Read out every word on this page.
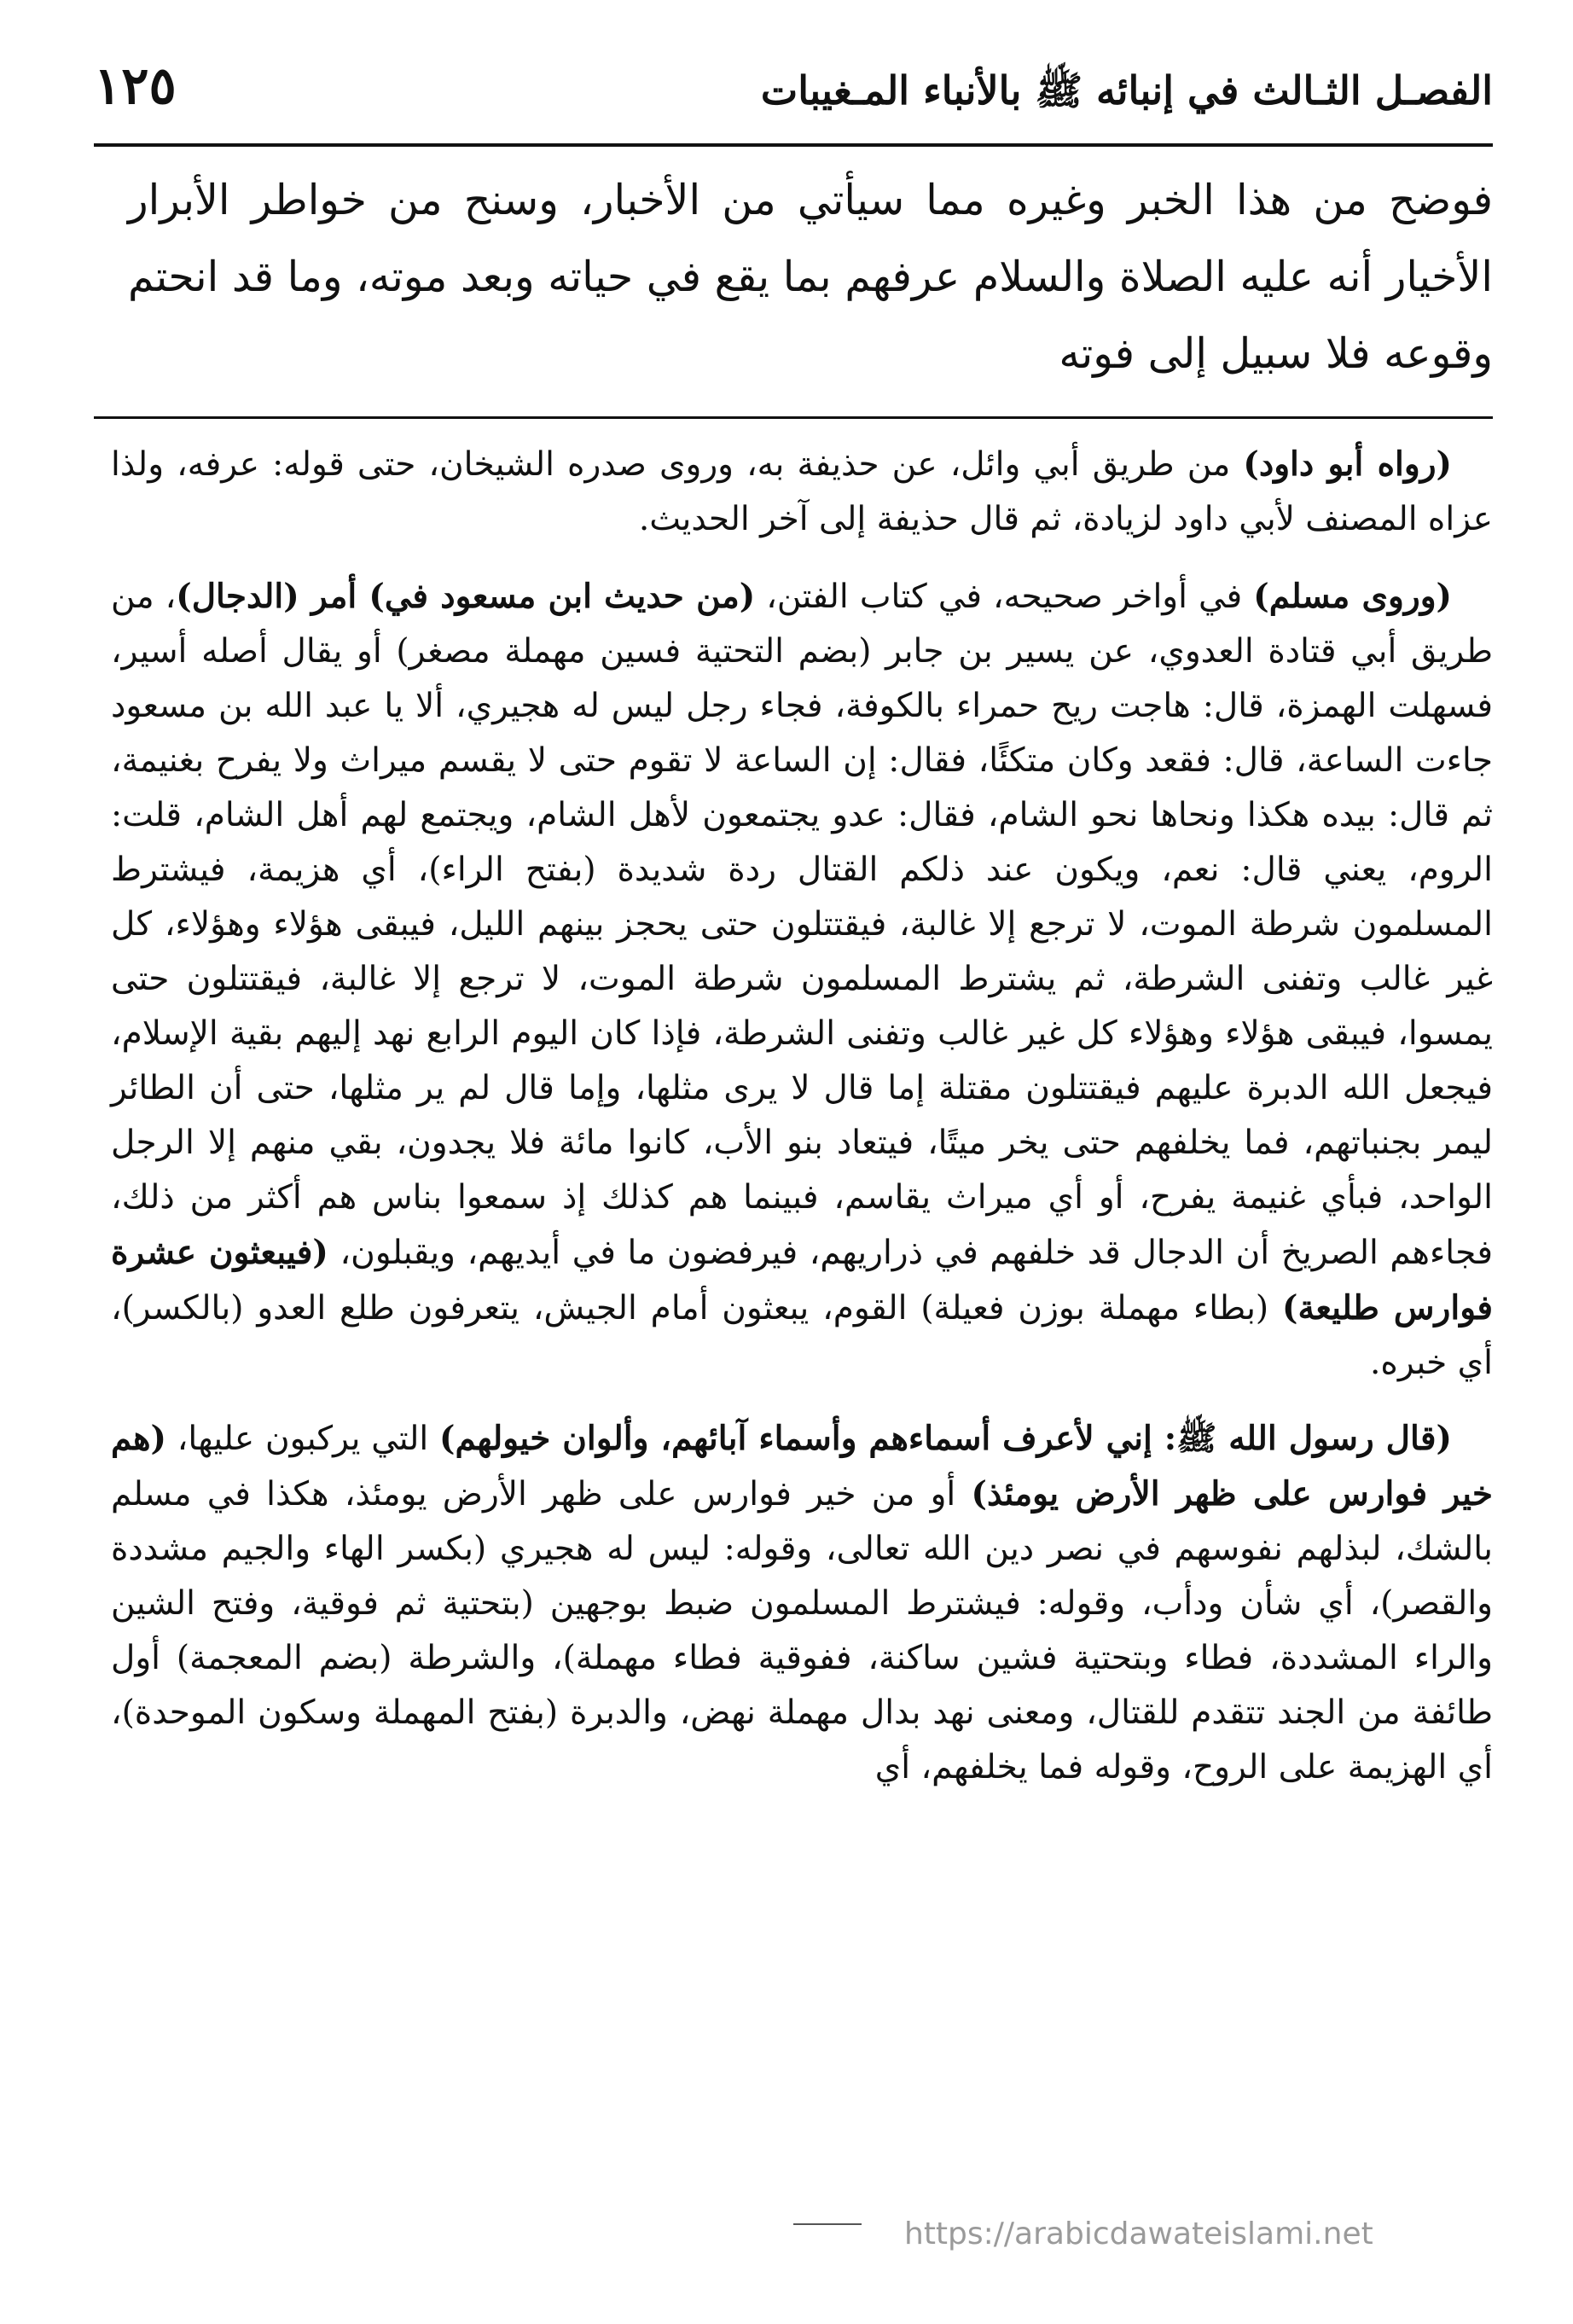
الفصـل الثـالث في إنبائه ﷺ بالأنباء المـغيبات
١٢٥

فوضح من هذا الخبر وغيره مما سيأتي من الأخبار، وسنح من خواطر الأبرار الأخيار أنه عليه الصلاة والسلام عرفهم بما يقع في حياته وبعد موته، وما قد انحتم وقوعه فلا سبيل إلى فوته

(رواه أبو داود) من طريق أبي وائل، عن حذيفة به، وروى صدره الشيخان، حتى قوله: عرفه، ولذا عزاه المصنف لأبي داود لزيادة، ثم قال حذيفة إلى آخر الحديث.

(وروى مسلم) في أواخر صحيحه، في كتاب الفتن، (من حديث ابن مسعود في) أمر (الدجال)، من طريق أبي قتادة العدوي، عن يسير بن جابر (بضم التحتية فسين مهملة مصغر) أو يقال أصله أسير، فسهلت الهمزة، قال: هاجت ريح حمراء بالكوفة، فجاء رجل ليس له هجيري، ألا يا عبد الله بن مسعود جاءت الساعة، قال: فقعد وكان متكئًا، فقال: إن الساعة لا تقوم حتى لا يقسم ميراث ولا يفرح بغنيمة، ثم قال: بيده هكذا ونحاها نحو الشام، فقال: عدو يجتمعون لأهل الشام، ويجتمع لهم أهل الشام، قلت: الروم، يعني قال: نعم، ويكون عند ذلكم القتال ردة شديدة (بفتح الراء)، أي هزيمة، فيشترط المسلمون شرطة الموت، لا ترجع إلا غالبة، فيقتتلون حتى يحجز بينهم الليل، فيبقى هؤلاء وهؤلاء، كل غير غالب وتفنى الشرطة، ثم يشترط المسلمون شرطة الموت، لا ترجع إلا غالبة، فيقتتلون حتى يمسوا، فيبقى هؤلاء وهؤلاء كل غير غالب وتفنى الشرطة، فإذا كان اليوم الرابع نهد إليهم بقية الإسلام، فيجعل الله الدبرة عليهم فيقتتلون مقتلة إما قال لا يرى مثلها، وإما قال لم ير مثلها، حتى أن الطائر ليمر بجنباتهم، فما يخلفهم حتى يخر ميتًا، فيتعاد بنو الأب، كانوا مائة فلا يجدون، بقي منهم إلا الرجل الواحد، فبأي غنيمة يفرح، أو أي ميراث يقاسم، فبينما هم كذلك إذ سمعوا بناس هم أكثر من ذلك، فجاءهم الصريخ أن الدجال قد خلفهم في ذراريهم، فيرفضون ما في أيديهم، ويقبلون، (فيبعثون عشرة فوارس طليعة) (بطاء مهملة بوزن فعيلة) القوم، يبعثون أمام الجيش، يتعرفون طلع العدو (بالكسر)، أي خبره.

(قال رسول الله ﷺ: إني لأعرف أسماءهم وأسماء آبائهم، وألوان خيولهم) التي يركبون عليها، (هم خير فوارس على ظهر الأرض يومئذ) أو من خير فوارس على ظهر الأرض يومئذ، هكذا في مسلم بالشك، لبذلهم نفوسهم في نصر دين الله تعالى، وقوله: ليس له هجيري (بكسر الهاء والجيم مشددة والقصر)، أي شأن ودأب، وقوله: فيشترط المسلمون ضبط بوجهين (بتحتية ثم فوقية، وفتح الشين والراء المشددة، فطاء وبتحتية فشين ساكنة، ففوقية فطاء مهملة)، والشرطة (بضم المعجمة) أول طائفة من الجند تتقدم للقتال، ومعنى نهد بدال مهملة نهض، والدبرة (بفتح المهملة وسكون الموحدة)، أي الهزيمة على الروح، وقوله فما يخلفهم، أي

https://arabicdawateislami.net
